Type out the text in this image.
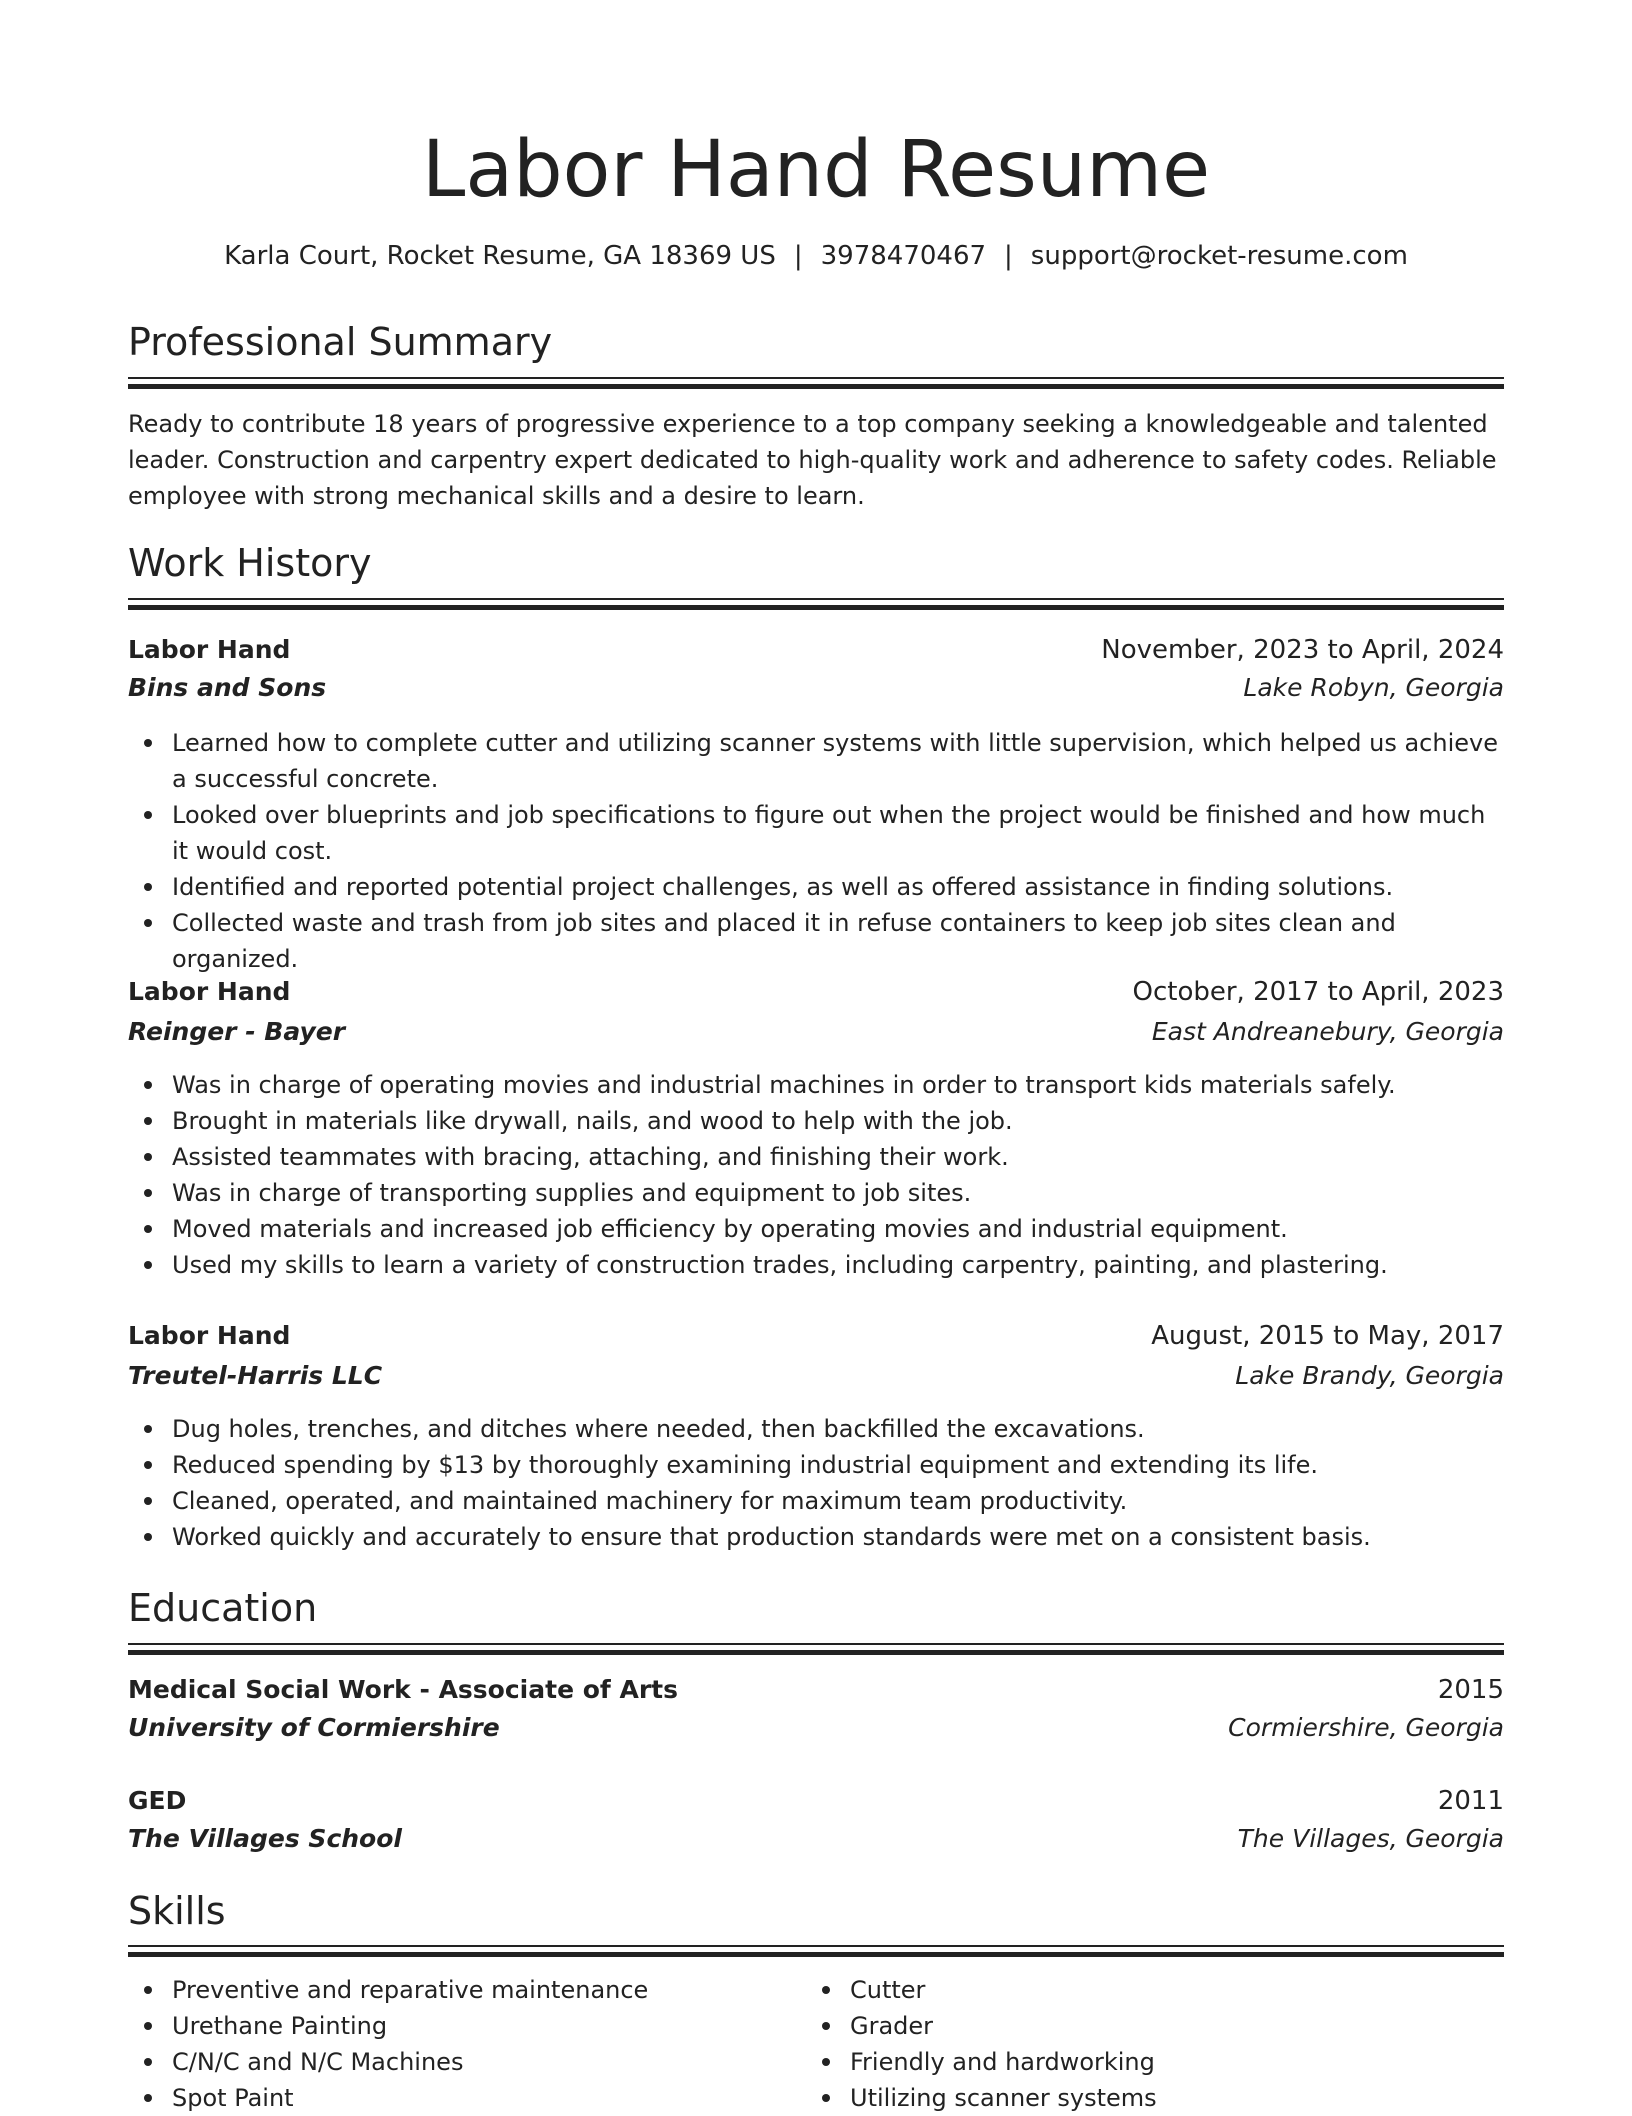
Labor Hand Resume
Karla Court, Rocket Resume, GA 18369 US | 3978470467 | support@rocket-resume.com
Professional Summary
Ready to contribute 18 years of progressive experience to a top company seeking a knowledgeable and talented leader. Construction and carpentry expert dedicated to high-quality work and adherence to safety codes. Reliable employee with strong mechanical skills and a desire to learn.
Work History
Labor Hand	November, 2023 to April, 2024
Bins and Sons	Lake Robyn, Georgia
Learned how to complete cutter and utilizing scanner systems with little supervision, which helped us achieve a successful concrete.
Looked over blueprints and job specifications to figure out when the project would be finished and how much it would cost.
Identified and reported potential project challenges, as well as offered assistance in finding solutions.
Collected waste and trash from job sites and placed it in refuse containers to keep job sites clean and organized.
Labor Hand	October, 2017 to April, 2023
Reinger - Bayer	East Andreanebury, Georgia
Was in charge of operating movies and industrial machines in order to transport kids materials safely.
Brought in materials like drywall, nails, and wood to help with the job.
Assisted teammates with bracing, attaching, and finishing their work.
Was in charge of transporting supplies and equipment to job sites.
Moved materials and increased job efficiency by operating movies and industrial equipment.
Used my skills to learn a variety of construction trades, including carpentry, painting, and plastering.
Labor Hand	August, 2015 to May, 2017
Treutel-Harris LLC	Lake Brandy, Georgia
Dug holes, trenches, and ditches where needed, then backfilled the excavations.
Reduced spending by $13 by thoroughly examining industrial equipment and extending its life.
Cleaned, operated, and maintained machinery for maximum team productivity.
Worked quickly and accurately to ensure that production standards were met on a consistent basis.
Education
Medical Social Work - Associate of Arts	2015
University of Cormiershire	Cormiershire, Georgia
GED	2011
The Villages School	The Villages, Georgia
Skills
Preventive and reparative maintenance
Urethane Painting
C/N/C and N/C Machines
Spot Paint
Cutter
Grader
Friendly and hardworking
Utilizing scanner systems
